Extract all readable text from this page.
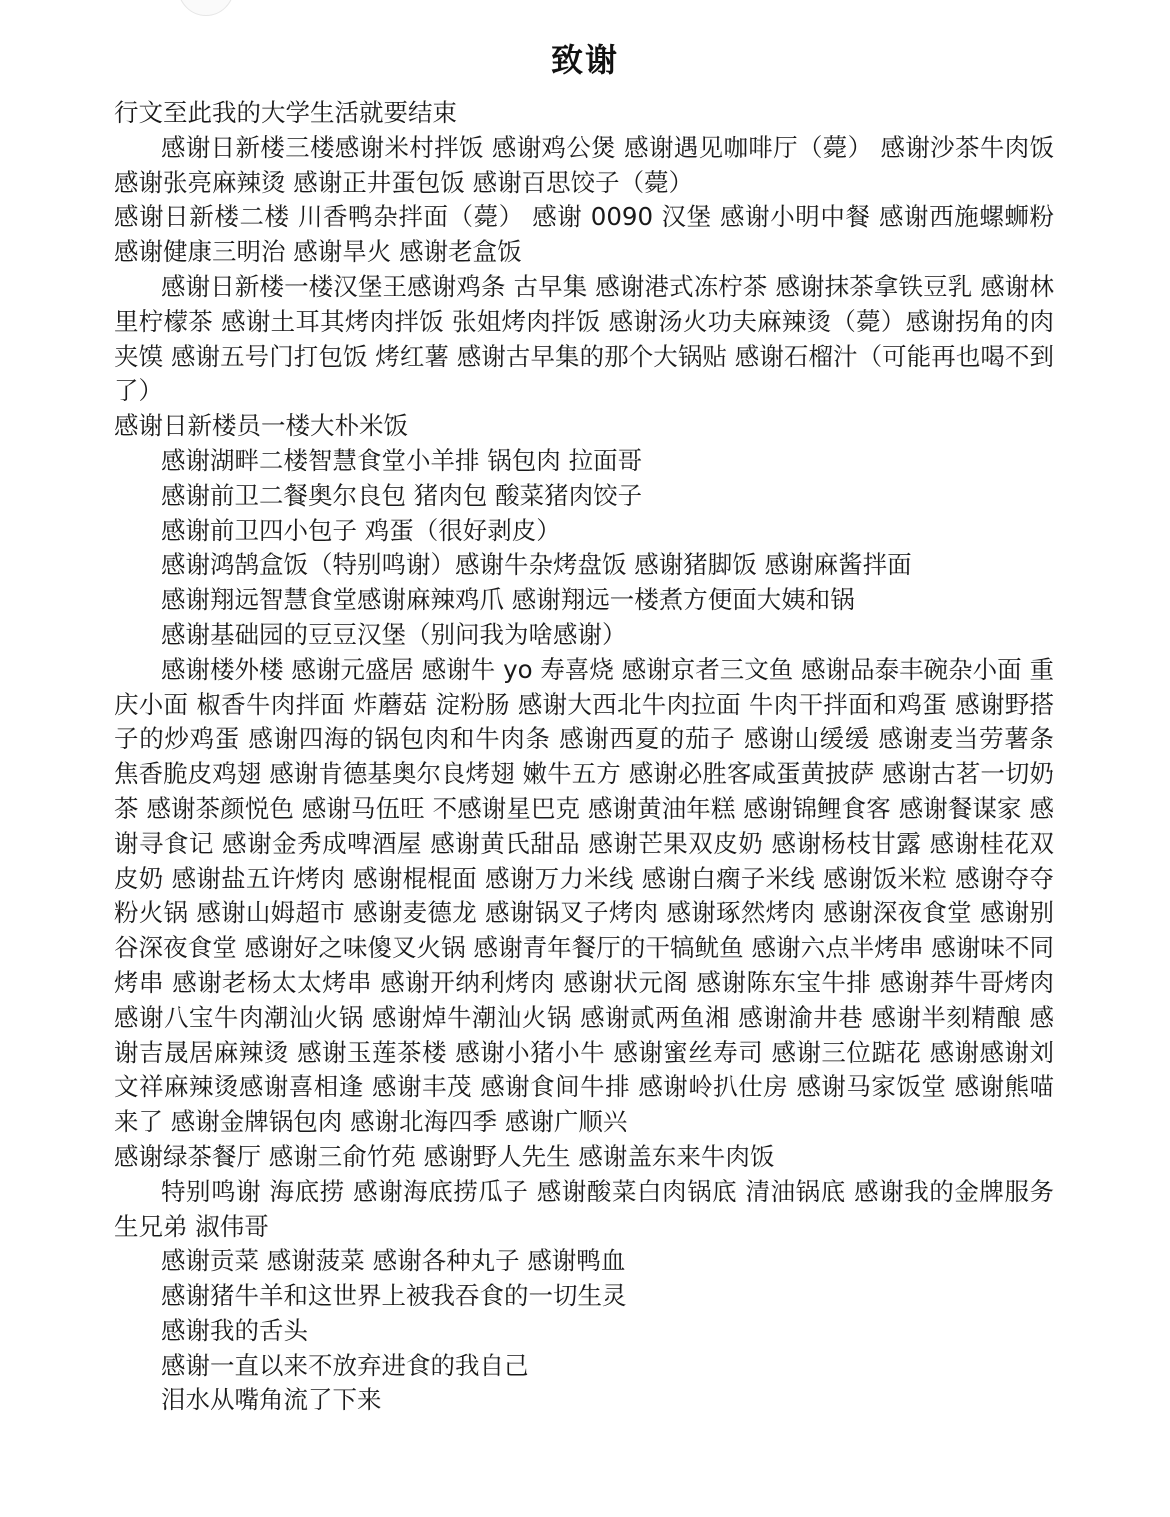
致谢

行文至此我的大学生活就要结束

感谢日新楼三楼感谢米村拌饭 感谢鸡公煲 感谢遇见咖啡厅（薨） 感谢沙茶牛肉饭 感谢张亮麻辣烫 感谢正井蛋包饭 感谢百思饺子（薨）

感谢日新楼二楼 川香鸭杂拌面（薨） 感谢 0090 汉堡 感谢小明中餐 感谢西施螺蛳粉 感谢健康三明治 感谢旱火 感谢老盒饭

感谢日新楼一楼汉堡王感谢鸡条 古早集 感谢港式冻柠茶 感谢抹茶拿铁豆乳 感谢林里柠檬茶 感谢土耳其烤肉拌饭 张姐烤肉拌饭 感谢汤火功夫麻辣烫（薨）感谢拐角的肉夹馍 感谢五号门打包饭 烤红薯 感谢古早集的那个大锅贴 感谢石榴汁（可能再也喝不到了）

感谢日新楼员一楼大朴米饭

感谢湖畔二楼智慧食堂小羊排 锅包肉 拉面哥

感谢前卫二餐奥尔良包 猪肉包 酸菜猪肉饺子

感谢前卫四小包子 鸡蛋（很好剥皮）

感谢鸿鹄盒饭（特别鸣谢）感谢牛杂烤盘饭 感谢猪脚饭 感谢麻酱拌面

感谢翔远智慧食堂感谢麻辣鸡爪 感谢翔远一楼煮方便面大姨和锅

感谢基础园的豆豆汉堡（别问我为啥感谢）

感谢楼外楼 感谢元盛居 感谢牛 yo 寿喜烧 感谢京者三文鱼 感谢品泰丰碗杂小面 重庆小面 椒香牛肉拌面 炸蘑菇 淀粉肠 感谢大西北牛肉拉面 牛肉干拌面和鸡蛋 感谢野搭子的炒鸡蛋 感谢四海的锅包肉和牛肉条 感谢西夏的茄子 感谢山缓缓 感谢麦当劳薯条 焦香脆皮鸡翅 感谢肯德基奥尔良烤翅 嫩牛五方 感谢必胜客咸蛋黄披萨 感谢古茗一切奶茶 感谢茶颜悦色 感谢马伍旺 不感谢星巴克 感谢黄油年糕 感谢锦鲤食客 感谢餐谋家 感谢寻食记 感谢金秀成啤酒屋 感谢黄氏甜品 感谢芒果双皮奶 感谢杨枝甘露 感谢桂花双皮奶 感谢盐五许烤肉 感谢棍棍面 感谢万力米线 感谢白瘸子米线 感谢饭米粒 感谢夺夺粉火锅 感谢山姆超市 感谢麦德龙 感谢锅叉子烤肉 感谢琢然烤肉 感谢深夜食堂 感谢别谷深夜食堂 感谢好之味傻叉火锅 感谢青年餐厅的干犒鱿鱼 感谢六点半烤串 感谢味不同烤串 感谢老杨太太烤串 感谢开纳利烤肉 感谢状元阁 感谢陈东宝牛排 感谢莽牛哥烤肉 感谢八宝牛肉潮汕火锅 感谢焯牛潮汕火锅 感谢贰两鱼湘 感谢渝井巷 感谢半刻精酿 感谢吉晟居麻辣烫 感谢玉莲茶楼 感谢小猪小牛 感谢蜜丝寿司 感谢三位踮花 感谢感谢刘文祥麻辣烫感谢喜相逢 感谢丰茂 感谢食间牛排 感谢岭扒仕房 感谢马家饭堂 感谢熊喵来了 感谢金牌锅包肉 感谢北海四季 感谢广顺兴

感谢绿茶餐厅 感谢三俞竹苑 感谢野人先生 感谢盖东来牛肉饭

特别鸣谢 海底捞 感谢海底捞瓜子 感谢酸菜白肉锅底 清油锅底 感谢我的金牌服务生兄弟 淑伟哥

感谢贡菜 感谢菠菜 感谢各种丸子 感谢鸭血

感谢猪牛羊和这世界上被我吞食的一切生灵

感谢我的舌头

感谢一直以来不放弃进食的我自己

泪水从嘴角流了下来
